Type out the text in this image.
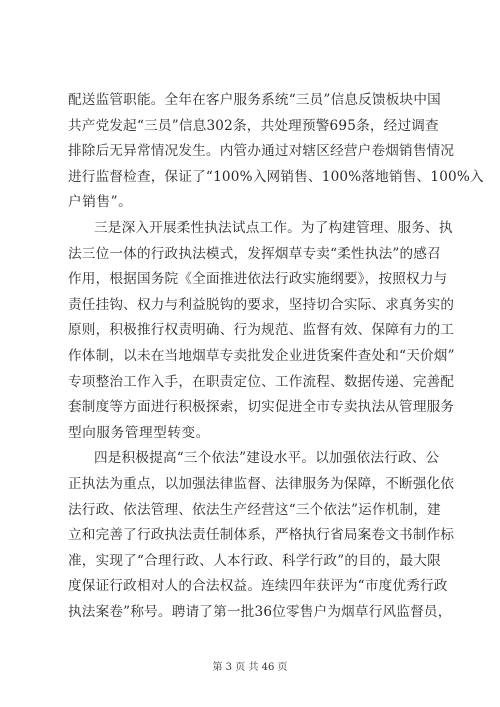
配送监管职能。全年在客户服务系统“三员”信息反馈板块中国
共产党发起“三员”信息302条，共处理预警695条，经过调查
排除后无异常情况发生。内管办通过对辖区经营户卷烟销售情况
进行监督检查，保证了“100%入网销售、100%落地销售、100%入
户销售”。
三是深入开展柔性执法试点工作。为了构建管理、服务、执
法三位一体的行政执法模式，发挥烟草专卖“柔性执法”的感召
作用，根据国务院《全面推进依法行政实施纲要》，按照权力与
责任挂钩、权力与利益脱钩的要求，坚持切合实际、求真务实的
原则，积极推行权责明确、行为规范、监督有效、保障有力的工
作体制，以未在当地烟草专卖批发企业进货案件查处和“天价烟”
专项整治工作入手，在职责定位、工作流程、数据传递、完善配
套制度等方面进行积极探索，切实促进全市专卖执法从管理服务
型向服务管理型转变。
四是积极提高“三个依法”建设水平。以加强依法行政、公
正执法为重点，以加强法律监督、法律服务为保障，不断强化依
法行政、依法管理、依法生产经营这“三个依法”运作机制，建
立和完善了行政执法责任制体系，严格执行省局案卷文书制作标
准，实现了“合理行政、人本行政、科学行政”的目的，最大限
度保证行政相对人的合法权益。连续四年获评为“市度优秀行政
执法案卷”称号。聘请了第一批36位零售户为烟草行风监督员，
第 3 页 共 46 页
